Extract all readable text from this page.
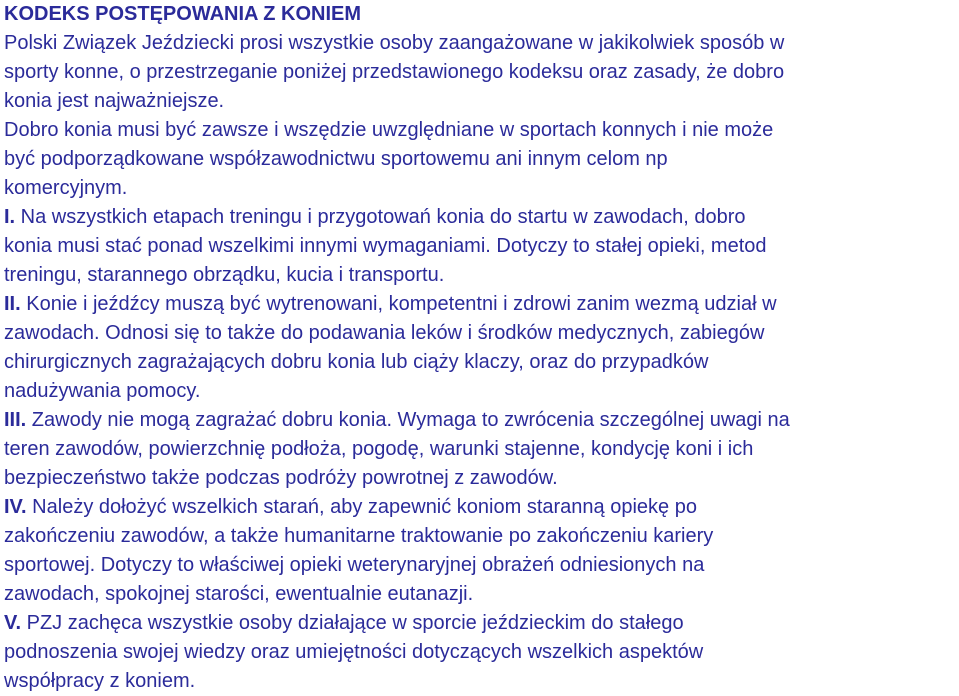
KODEKS POSTĘPOWANIA Z KONIEM
Polski Związek Jeździecki prosi wszystkie osoby zaangażowane w jakikolwiek sposób w
sporty konne, o przestrzeganie poniżej przedstawionego kodeksu oraz zasady, że dobro
konia jest najważniejsze.
Dobro konia musi być zawsze i wszędzie uwzględniane w sportach konnych i nie może
być podporządkowane współzawodnictwu sportowemu ani innym celom np
komercyjnym.
I. Na wszystkich etapach treningu i przygotowań konia do startu w zawodach, dobro
konia musi stać ponad wszelkimi innymi wymaganiami. Dotyczy to stałej opieki, metod
treningu, starannego obrządku, kucia i transportu.
II. Konie i jeźdźcy muszą być wytrenowani, kompetentni i zdrowi zanim wezmą udział w
zawodach. Odnosi się to także do podawania leków i środków medycznych, zabiegów
chirurgicznych zagrażających dobru konia lub ciąży klaczy, oraz do przypadków
nadużywania pomocy.
III. Zawody nie mogą zagrażać dobru konia. Wymaga to zwrócenia szczególnej uwagi na
teren zawodów, powierzchnię podłoża, pogodę, warunki stajenne, kondycję koni i ich
bezpieczeństwo także podczas podróży powrotnej z zawodów.
IV. Należy dołożyć wszelkich starań, aby zapewnić koniom staranną opiekę po
zakończeniu zawodów, a także humanitarne traktowanie po zakończeniu kariery
sportowej. Dotyczy to właściwej opieki weterynaryjnej obrażeń odniesionych na
zawodach, spokojnej starości, ewentualnie eutanazji.
V. PZJ zachęca wszystkie osoby działające w sporcie jeździeckim do stałego
podnoszenia swojej wiedzy oraz umiejętności dotyczących wszelkich aspektów
współpracy z koniem.
